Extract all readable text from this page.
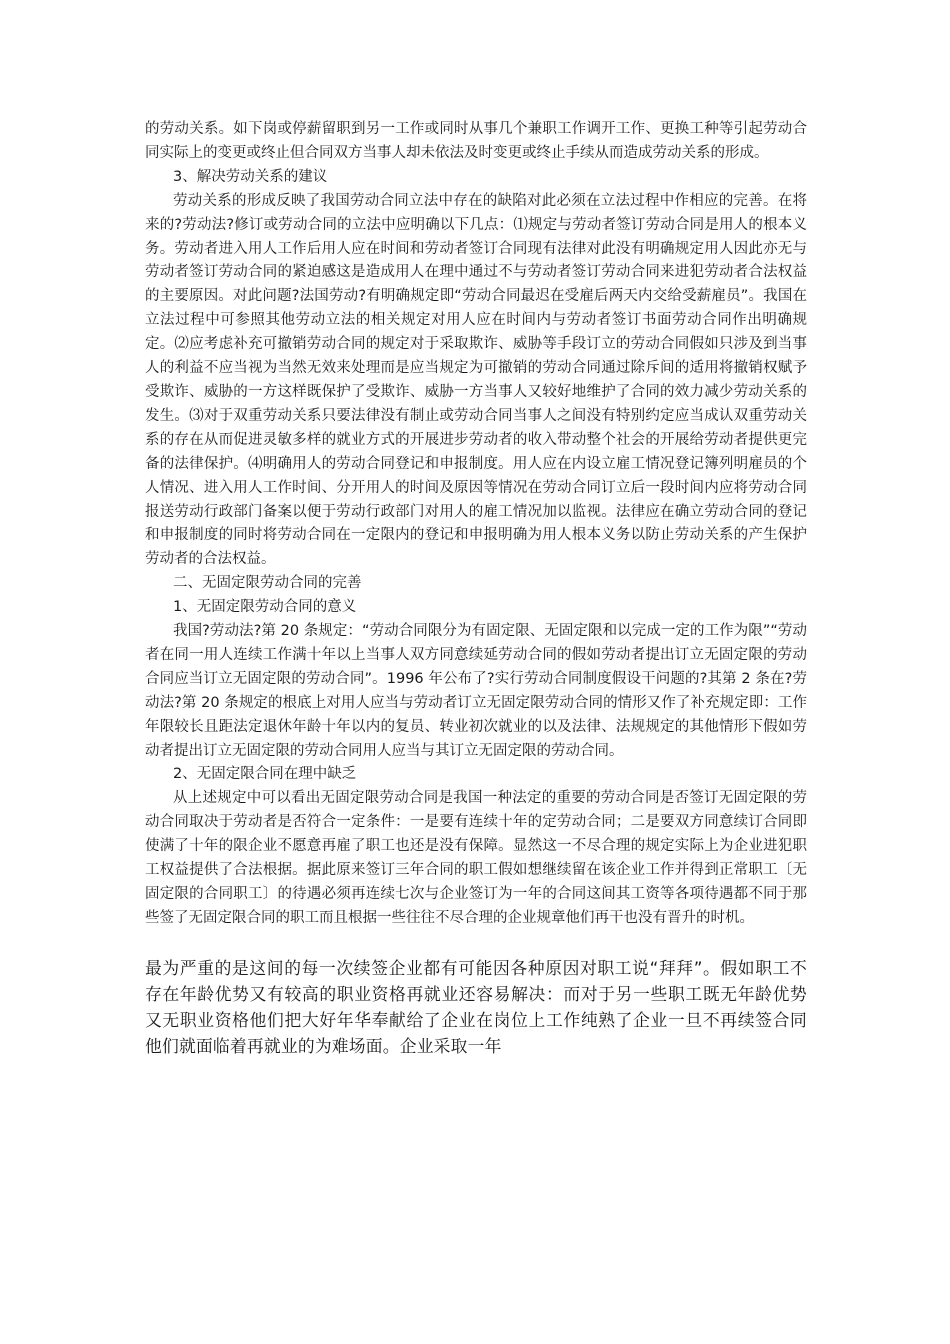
的劳动关系。如下岗或停薪留职到另一工作或同时从事几个兼职工作调开工作、更换工种等引起劳动合同实际上的变更或终止但合同双方当事人却未依法及时变更或终止手续从而造成劳动关系的形成。

3、解决劳动关系的建议

劳动关系的形成反映了我国劳动合同立法中存在的缺陷对此必须在立法过程中作相应的完善。在将来的?劳动法?修订或劳动合同的立法中应明确以下几点：⑴规定与劳动者签订劳动合同是用人的根本义务。劳动者进入用人工作后用人应在时间和劳动者签订合同现有法律对此没有明确规定用人因此亦无与劳动者签订劳动合同的紧迫感这是造成用人在理中通过不与劳动者签订劳动合同来进犯劳动者合法权益的主要原因。对此问题?法国劳动?有明确规定即“劳动合同最迟在受雇后两天内交给受薪雇员”。我国在立法过程中可参照其他劳动立法的相关规定对用人应在时间内与劳动者签订书面劳动合同作出明确规定。⑵应考虑补充可撤销劳动合同的规定对于采取欺诈、威胁等手段订立的劳动合同假如只涉及到当事人的利益不应当视为当然无效来处理而是应当规定为可撤销的劳动合同通过除斥间的适用将撤销权赋予受欺诈、威胁的一方这样既保护了受欺诈、威胁一方当事人又较好地维护了合同的效力减少劳动关系的发生。⑶对于双重劳动关系只要法律没有制止或劳动合同当事人之间没有特别约定应当成认双重劳动关系的存在从而促进灵敏多样的就业方式的开展进步劳动者的收入带动整个社会的开展给劳动者提供更完备的法律保护。⑷明确用人的劳动合同登记和申报制度。用人应在内设立雇工情况登记簿列明雇员的个人情况、进入用人工作时间、分开用人的时间及原因等情况在劳动合同订立后一段时间内应将劳动合同报送劳动行政部门备案以便于劳动行政部门对用人的雇工情况加以监视。法律应在确立劳动合同的登记和申报制度的同时将劳动合同在一定限内的登记和申报明确为用人根本义务以防止劳动关系的产生保护劳动者的合法权益。

二、无固定限劳动合同的完善

1、无固定限劳动合同的意义

我国?劳动法?第 20 条规定：“劳动合同限分为有固定限、无固定限和以完成一定的工作为限”“劳动者在同一用人连续工作满十年以上当事人双方同意续延劳动合同的假如劳动者提出订立无固定限的劳动合同应当订立无固定限的劳动合同”。1996 年公布了?实行劳动合同制度假设干问题的?其第 2 条在?劳动法?第 20 条规定的根底上对用人应当与劳动者订立无固定限劳动合同的情形又作了补充规定即：工作年限较长且距法定退休年龄十年以内的复员、转业初次就业的以及法律、法规规定的其他情形下假如劳动者提出订立无固定限的劳动合同用人应当与其订立无固定限的劳动合同。

2、无固定限合同在理中缺乏

从上述规定中可以看出无固定限劳动合同是我国一种法定的重要的劳动合同是否签订无固定限的劳动合同取决于劳动者是否符合一定条件：一是要有连续十年的定劳动合同；二是要双方同意续订合同即使满了十年的限企业不愿意再雇了职工也还是没有保障。显然这一不尽合理的规定实际上为企业进犯职工权益提供了合法根据。据此原来签订三年合同的职工假如想继续留在该企业工作并得到正常职工〔无固定限的合同职工〕的待遇必须再连续七次与企业签订为一年的合同这间其工资等各项待遇都不同于那些签了无固定限合同的职工而且根据一些往往不尽合理的企业规章他们再干也没有晋升的时机。

最为严重的是这间的每一次续签企业都有可能因各种原因对职工说“拜拜”。假如职工不存在年龄优势又有较高的职业资格再就业还容易解决：而对于另一些职工既无年龄优势又无职业资格他们把大好年华奉献给了企业在岗位上工作纯熟了企业一旦不再续签合同他们就面临着再就业的为难场面。企业采取一年
